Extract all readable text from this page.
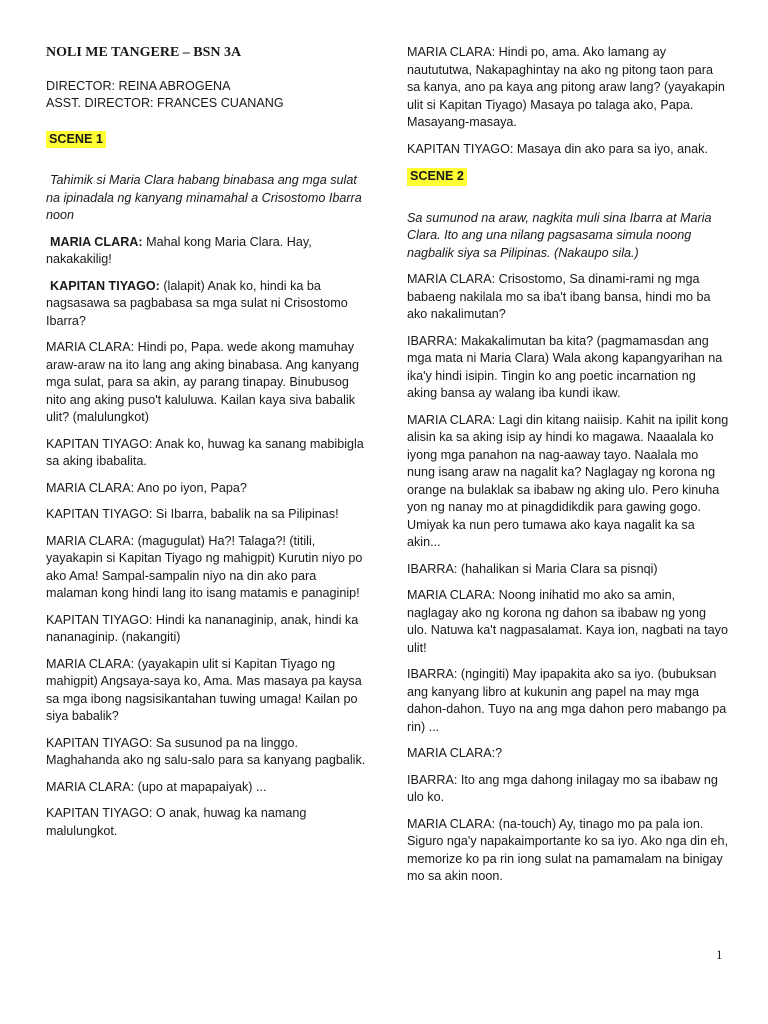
NOLI ME TANGERE – BSN 3A
DIRECTOR: REINA ABROGENA
ASST. DIRECTOR: FRANCES CUANANG
SCENE 1

Tahimik si Maria Clara habang binabasa ang mga sulat na ipinadala ng kanyang minamahal a Crisostomo Ibarra noon

MARIA CLARA: Mahal kong Maria Clara. Hay, nakakakilig!

KAPITAN TIYAGO: (lalapit) Anak ko, hindi ka ba nagsasawa sa pagbabasa sa mga sulat ni Crisostomo Ibarra?

MARIA CLARA: Hindi po, Papa. wede akong mamuhay araw-araw na ito lang ang aking binabasa. Ang kanyang mga sulat, para sa akin, ay parang tinapay. Binubusog nito ang aking puso't kaluluwa. Kailan kaya siva babalik ulit? (malulungkot)

KAPITAN TIYAGO: Anak ko, huwag ka sanang mabibigla sa aking ibabalita.

MARIA CLARA: Ano po iyon, Papa?

KAPITAN TIYAGO: Si Ibarra, babalik na sa Pilipinas!

MARIA CLARA: (magugulat) Ha?! Talaga?! (titili, yayakapin si Kapitan Tiyago ng mahigpit) Kurutin niyo po ako Ama! Sampal-sampalin niyo na din ako para malaman kong hindi lang ito isang matamis e panaginip!

KAPITAN TIYAGO: Hindi ka nananaginip, anak, hindi ka nananaginip. (nakangiti)

MARIA CLARA: (yayakapin ulit si Kapitan Tiyago ng mahigpit) Angsaya-saya ko, Ama. Mas masaya pa kaysa sa mga ibong nagsisikantahan tuwing umaga! Kailan po siya babalik?

KAPITAN TIYAGO: Sa susunod pa na linggo. Maghahanda ako ng salu-salo para sa kanyang pagbalik.

MARIA CLARA: (upo at mapapaiyak) ...

KAPITAN TIYAGO: O anak, huwag ka namang malulungkot.

MARIA CLARA: Hindi po, ama. Ako lamang ay nautututwa, Nakapaghintay na ako ng pitong taon para sa kanya, ano pa kaya ang pitong araw lang? (yayakapin ulit si Kapitan Tiyago) Masaya po talaga ako, Papa. Masayang-masaya.

KAPITAN TIYAGO: Masaya din ako para sa iyo, anak.

SCENE 2

Sa sumunod na araw, nagkita muli sina Ibarra at Maria Clara. Ito ang una nilang pagsasama simula noong nagbalik siya sa Pilipinas. (Nakaupo sila.)

MARIA CLARA: Crisostomo, Sa dinami-rami ng mga babaeng nakilala mo sa iba't ibang bansa, hindi mo ba ako nakalimutan?

IBARRA: Makakalimutan ba kita? (pagmamasdan ang mga mata ni Maria Clara) Wala akong kapangyarihan na ika'y hindi isipin. Tingin ko ang poetic incarnation ng aking bansa ay walang iba kundi ikaw.

MARIA CLARA: Lagi din kitang naiisip. Kahit na ipilit kong alisin ka sa aking isip ay hindi ko magawa. Naaalala ko iyong mga panahon na nag-aaway tayo. Naalala mo nung isang araw na nagalit ka? Naglagay ng korona ng orange na bulaklak sa ibabaw ng aking ulo. Pero kinuha yon ng nanay mo at pinagdidikdik para gawing gogo. Umiyak ka nun pero tumawa ako kaya nagalit ka sa akin...

IBARRA: (hahalikan si Maria Clara sa pisnqi)

MARIA CLARA: Noong inihatid mo ako sa amin, naglagay ako ng korona ng dahon sa ibabaw ng yong ulo. Natuwa ka't nagpasalamat. Kaya ion, nagbati na tayo ulit!

IBARRA: (ngingiti) May ipapakita ako sa iyo. (bubuksan ang kanyang libro at kukunin ang papel na may mga dahon-dahon. Tuyo na ang mga dahon pero mabango pa rin) ...

MARIA CLARA:?

IBARRA: Ito ang mga dahong inilagay mo sa ibabaw ng ulo ko.

MARIA CLARA: (na-touch) Ay, tinago mo pa pala ion. Siguro nga'y napakaimportante ko sa iyo. Ako nga din eh, memorize ko pa rin iong sulat na pamamalam na binigay mo sa akin noon.

1
